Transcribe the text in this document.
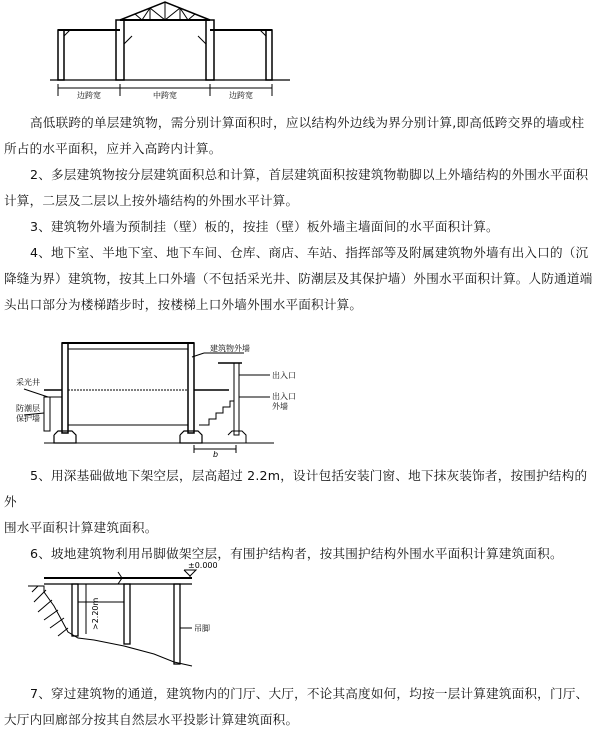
边跨宽	中跨宽	边跨宽

高低联跨的单层建筑物，需分别计算面积时，应以结构外边线为界分别计算,即高低跨交界的墙或柱

所占的水平面积，应并入高跨内计算。

2、多层建筑物按分层建筑面积总和计算，首层建筑面积按建筑物勒脚以上外墙结构的外围水平面积

计算，二层及二层以上按外墙结构的外围水平计算。

3、建筑物外墙为预制挂（壁）板的，按挂（壁）板外墙主墙面间的水平面积计算。

4、地下室、半地下室、地下车间、仓库、商店、车站、指挥部等及附属建筑物外墙有出入口的（沉

降缝为界）建筑物，按其上口外墙（不包括采光井、防潮层及其保护墙）外围水平面积计算。人防通道端

头出口部分为楼梯踏步时，按楼梯上口外墙外围水平面积计算。

建筑物外墙
采光井
防潮层
保护墙
出入口
出入口
外墙
b

5、用深基础做地下架空层，层高超过 2.2m，设计包括安装门窗、地下抹灰装饰者，按围护结构的外

围水平面积计算建筑面积。

6、坡地建筑物利用吊脚做架空层，有围护结构者，按其围护结构外围水平面积计算建筑面积。

±0.000
>2.20m	吊脚

7、穿过建筑物的通道，建筑物内的门厅、大厅，不论其高度如何，均按一层计算建筑面积，门厅、

大厅内回廊部分按其自然层水平投影计算建筑面积。
